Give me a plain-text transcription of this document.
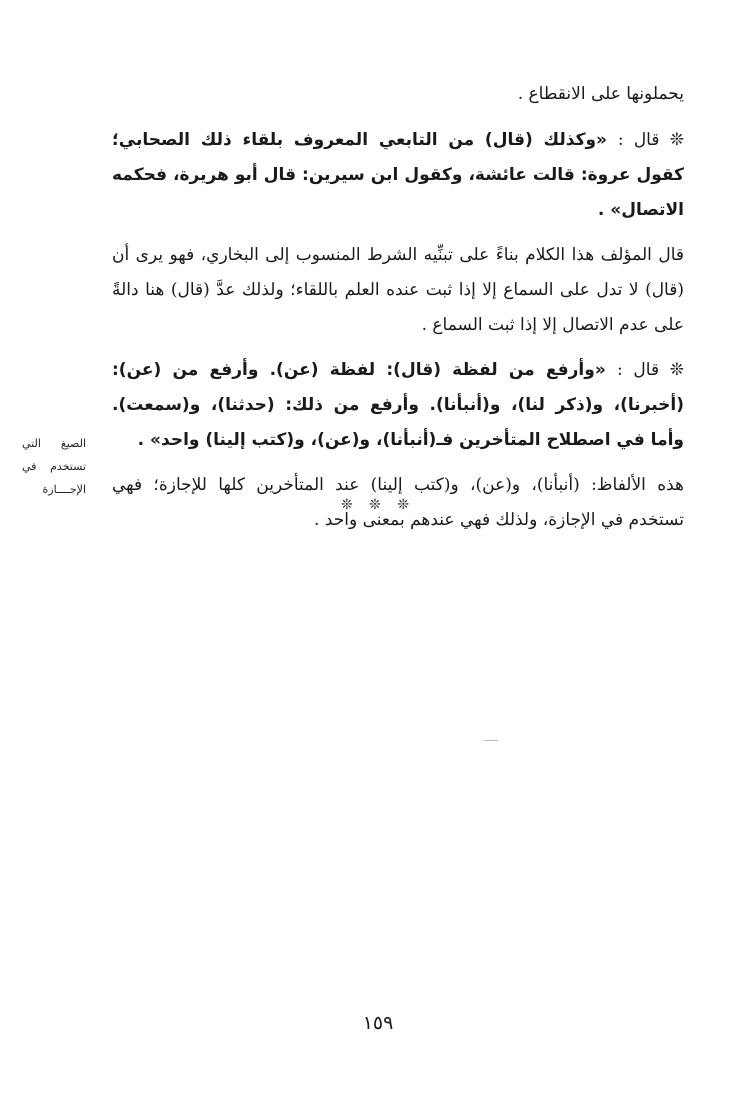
يحملونها على الانقطاع .

❊ قال : «وكذلك (قال) من التابعي المعروف بلقاء ذلك الصحابي؛ كقول عروة: قالت عائشة، وكقول ابن سيرين: قال أبو هريرة، فحكمه الاتصال» .

قال المؤلف هذا الكلام بناءً على تبنِّيه الشرط المنسوب إلى البخاري، فهو يرى أن (قال) لا تدل على السماع إلا إذا ثبت عنده العلم باللقاء؛ ولذلك عدَّ (قال) هنا دالةً على عدم الاتصال إلا إذا ثبت السماع .

❊ قال : «وأرفع من لفظة (قال): لفظة (عن). وأرفع من (عن): (أخبرنا)، و(ذكر لنا)، و(أنبأنا). وأرفع من ذلك: (حدثنا)، و(سمعت). وأما في اصطلاح المتأخرين فـ(أنبأنا)، و(عن)، و(كتب إلينا) واحد» .

هذه الألفاظ: (أنبأنا)، و(عن)، و(كتب إلينا) عند المتأخرين كلها للإجازة؛ فهي تستخدم في الإجازة، ولذلك فهي عندهم بمعنى واحد .

الصيغ التي تستخدم في الإجــــازة
❊ ❊ ❊
١٥٩
